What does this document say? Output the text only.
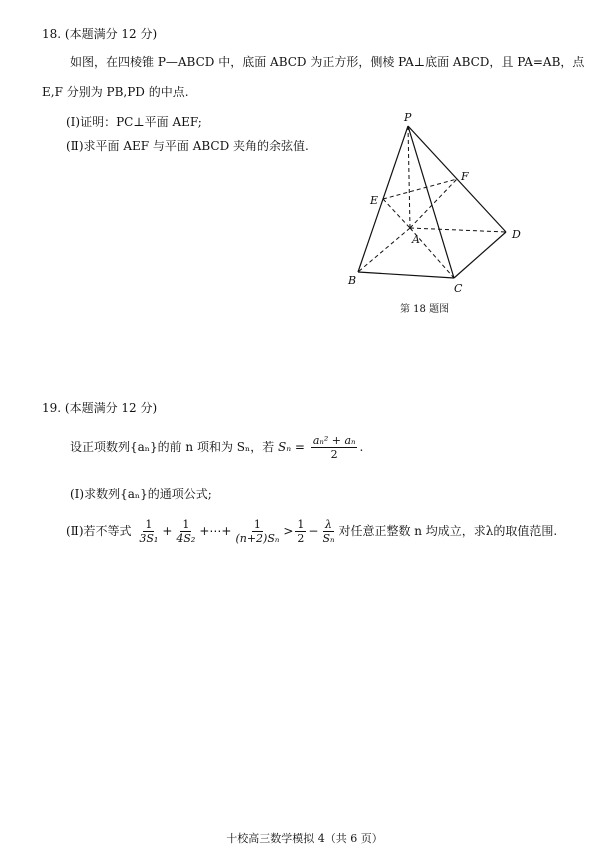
18. (本题满分 12 分)
如图，在四棱锥 P—ABCD 中，底面 ABCD 为正方形，侧棱 PA⊥底面 ABCD，且 PA=AB，点
E,F 分别为 PB,PD 的中点.
(Ⅰ)证明：PC⊥平面 AEF;
(Ⅱ)求平面 AEF 与平面 ABCD 夹角的余弦值.
P
E
F
A	D
B
C
第 18 题图
19. (本题满分 12 分)
设正项数列{aₙ}的前 n 项和为 Sₙ，若 $S_n = \frac{\text{aₙ² + aₙ}}{2}$ .
(Ⅰ)求数列{aₙ}的通项公式;
(Ⅱ)若不等式 $\frac{1}{\text{3S₁}} + \frac{1}{\text{4S₂}}$ +⋯+ $\frac{1}{\text{(n+2)Sₙ}} > \frac{1}{2} - \frac{\lambda}{\text{Sₙ}}$ 对任意正整数 n 均成立，求λ的取值范围.
十校高三数学模拟 4（共 6 页）
